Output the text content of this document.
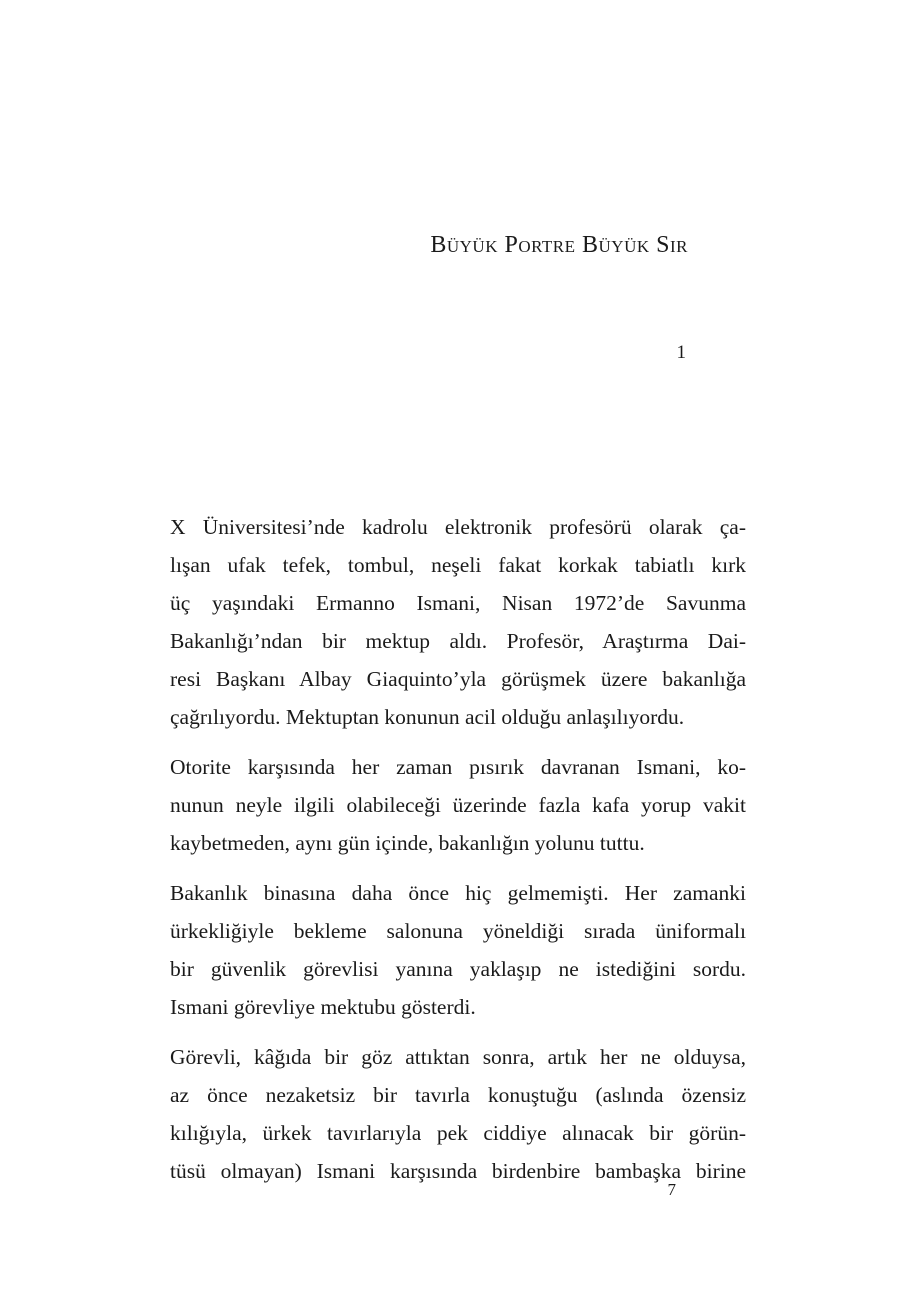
Büyük Portre Büyük Sır
1
X Üniversitesi’nde kadrolu elektronik profesörü olarak ça-
lışan ufak tefek, tombul, neşeli fakat korkak tabiatlı kırk
üç yaşındaki Ermanno Ismani, Nisan 1972’de Savunma
Bakanlığı’ndan bir mektup aldı. Profesör, Araştırma Dai-
resi Başkanı Albay Giaquinto’yla görüşmek üzere bakanlığa
çağrılıyordu. Mektuptan konunun acil olduğu anlaşılıyordu.
Otorite karşısında her zaman pısırık davranan Ismani, ko-
nunun neyle ilgili olabileceği üzerinde fazla kafa yorup vakit
kaybetmeden, aynı gün içinde, bakanlığın yolunu tuttu.
Bakanlık binasına daha önce hiç gelmemişti. Her zamanki
ürkekliğiyle bekleme salonuna yöneldiği sırada üniformalı
bir güvenlik görevlisi yanına yaklaşıp ne istediğini sordu.
Ismani görevliye mektubu gösterdi.
Görevli, kâğıda bir göz attıktan sonra, artık her ne olduysa,
az önce nezaketsiz bir tavırla konuştuğu (aslında özensiz
kılığıyla, ürkek tavırlarıyla pek ciddiye alınacak bir görün-
tüsü olmayan) Ismani karşısında birdenbire bambaşka birine
7
